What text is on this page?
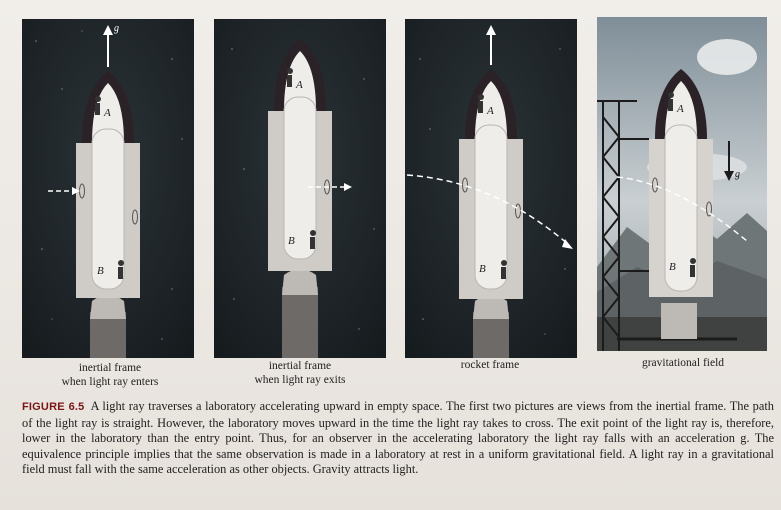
g⃗
A
B
A
B
A
B
g⃗
A
B
inertial frame
when light ray enters
inertial frame
when light ray exits
rocket frame	gravitational field
FIGURE 6.5 A light ray traverses a laboratory accelerating upward in empty space. The first two pictures are views from the inertial frame. The path of the light ray is straight. However, the laboratory moves upward in the time the light ray takes to cross. The exit point of the light ray is, therefore, lower in the laboratory than the entry point. Thus, for an observer in the accelerating laboratory the light ray falls with an acceleration g. The equivalence principle implies that the same observation is made in a laboratory at rest in a uniform gravitational field. A light ray in a gravitational field must fall with the same acceleration as other objects. Gravity attracts light.
